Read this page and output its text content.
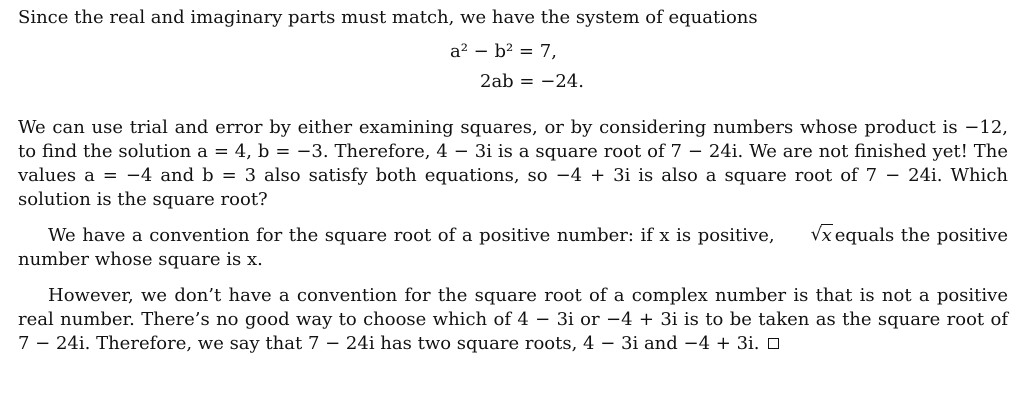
Since the real and imaginary parts must match, we have the system of equations

a² − b² = 7,
2ab = −24.

We can use trial and error by either examining squares, or by considering numbers whose product is −12, to find the solution a = 4, b = −3. Therefore, 4 − 3i is a square root of 7 − 24i. We are not finished yet! The values a = −4 and b = 3 also satisfy both equations, so −4 + 3i is also a square root of 7 − 24i. Which solution is the square root?

We have a convention for the square root of a positive number: if x is positive,	√ x equals the positive number whose square is x.

However, we don’t have a convention for the square root of a complex number is that is not a positive real number. There’s no good way to choose which of 4 − 3i or −4 + 3i is to be taken as the square root of 7 − 24i. Therefore, we say that 7 − 24i has two square roots, 4 − 3i and −4 + 3i.
